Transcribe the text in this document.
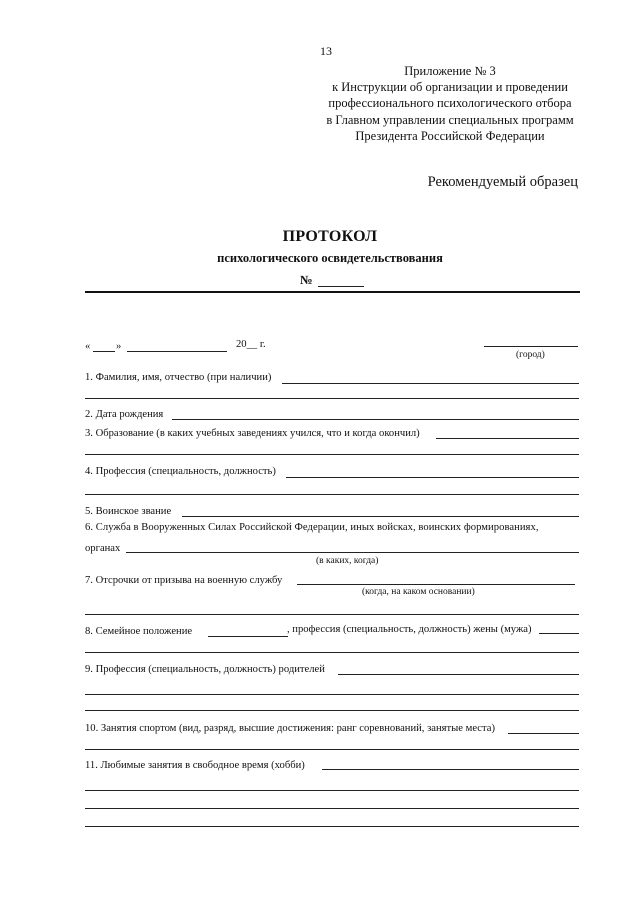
13
Приложение № 3
к Инструкции об организации и проведении
профессионального психологического отбора
в Главном управлении специальных программ
Президента Российской Федерации
Рекомендуемый образец
ПРОТОКОЛ
психологического освидетельствования
№
« »	20__ г.
(город)
1. Фамилия, имя, отчество (при наличии)
2. Дата рождения
3. Образование (в каких учебных заведениях учился, что и когда окончил)
4. Профессия (специальность, должность)
5. Воинское звание
6. Служба в Вооруженных Силах Российской Федерации, иных войсках, воинских формированиях,
органах
(в каких, когда)
7. Отсрочки от призыва на военную службу
(когда, на каком основании)
8. Семейное положение	, профессия (специальность, должность) жены (мужа)
9. Профессия (специальность, должность) родителей
10. Занятия спортом (вид, разряд, высшие достижения: ранг соревнований, занятые места)
11. Любимые занятия в свободное время (хобби)
